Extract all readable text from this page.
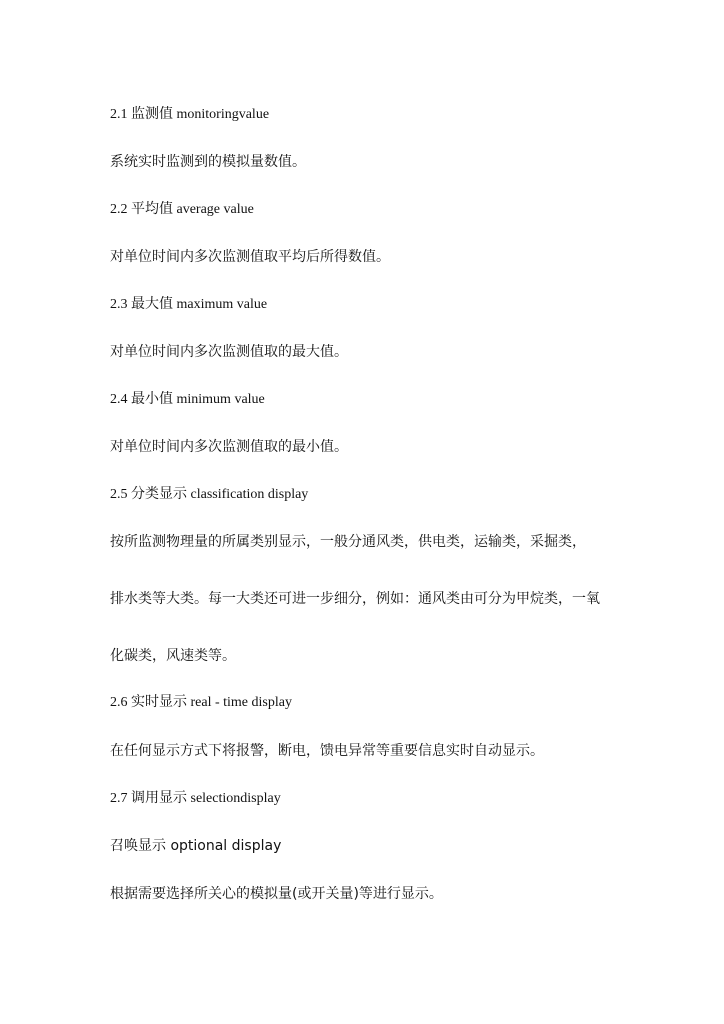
2.1 监测值 monitoringvalue
系统实时监测到的模拟量数值。
2.2 平均值 average value
对单位时间内多次监测值取平均后所得数值。
2.3 最大值 maximum value
对单位时间内多次监测值取的最大值。
2.4 最小值 minimum value
对单位时间内多次监测值取的最小值。
2.5 分类显示 classification display
按所监测物理量的所属类别显示，一般分通风类，供电类，运输类，采掘类，
排水类等大类。每一大类还可进一步细分，例如：通风类由可分为甲烷类，一氧
化碳类，风速类等。
2.6 实时显示 real - time display
在任何显示方式下将报警，断电，馈电异常等重要信息实时自动显示。
2.7 调用显示 selectiondisplay
召唤显示 optional display
根据需要选择所关心的模拟量(或开关量)等进行显示。
